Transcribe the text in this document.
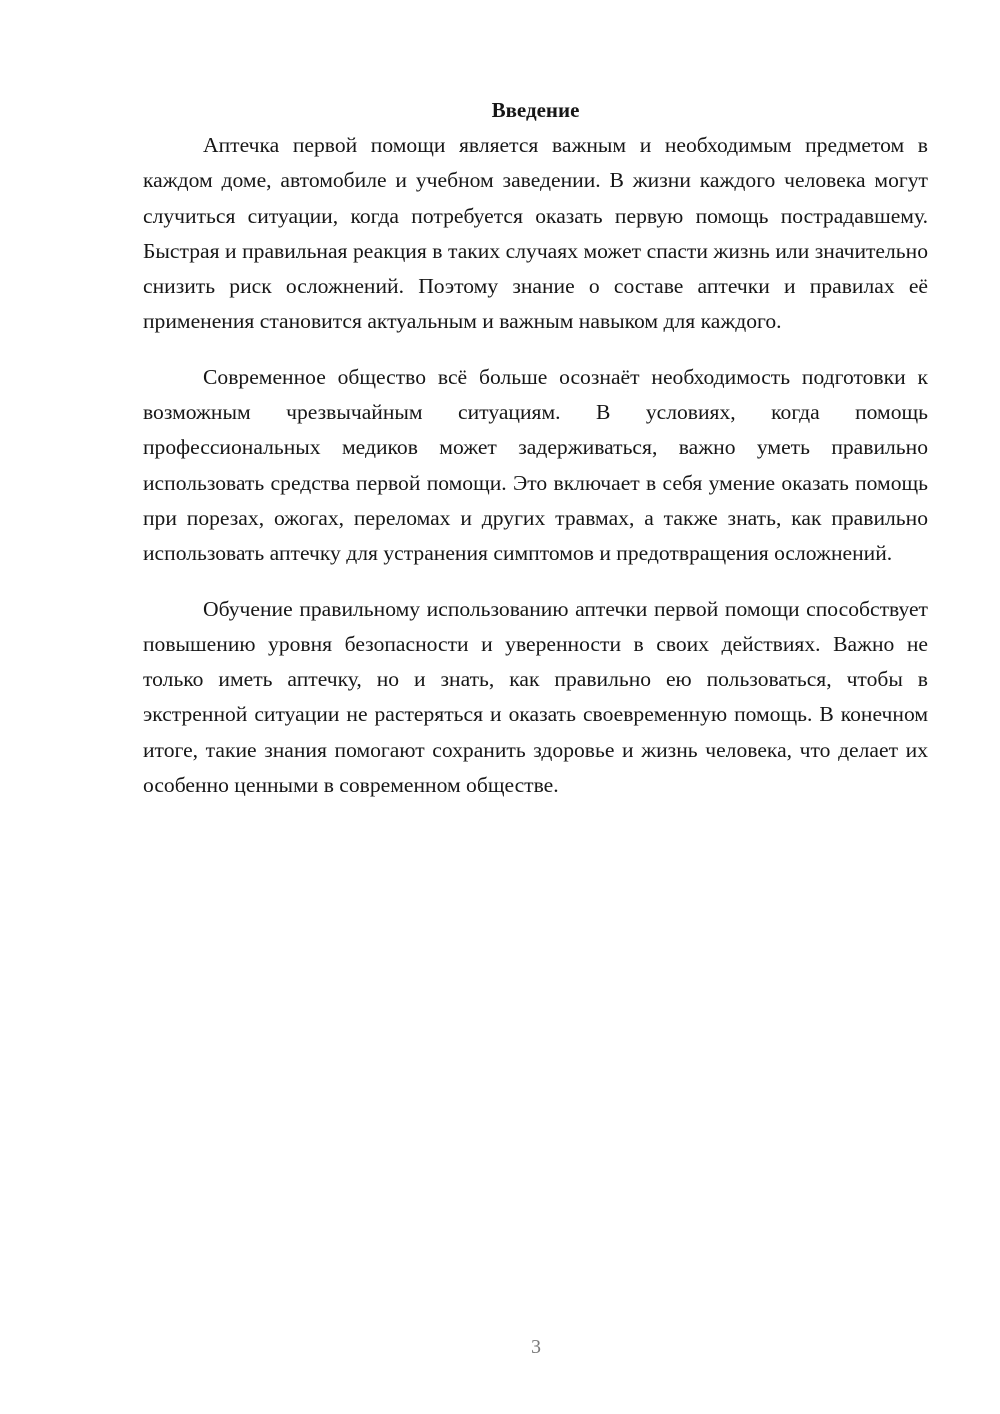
Введение

Аптечка первой помощи является важным и необходимым предметом в каждом доме, автомобиле и учебном заведении. В жизни каждого человека могут случиться ситуации, когда потребуется оказать первую помощь пострадавшему. Быстрая и правильная реакция в таких случаях может спасти жизнь или значительно снизить риск осложнений. Поэтому знание о составе аптечки и правилах её применения становится актуальным и важным навыком для каждого.

Современное общество всё больше осознаёт необходимость подготовки к возможным чрезвычайным ситуациям. В условиях, когда помощь профессиональных медиков может задерживаться, важно уметь правильно использовать средства первой помощи. Это включает в себя умение оказать помощь при порезах, ожогах, переломах и других травмах, а также знать, как правильно использовать аптечку для устранения симптомов и предотвращения осложнений.

Обучение правильному использованию аптечки первой помощи способствует повышению уровня безопасности и уверенности в своих действиях. Важно не только иметь аптечку, но и знать, как правильно ею пользоваться, чтобы в экстренной ситуации не растеряться и оказать своевременную помощь. В конечном итоге, такие знания помогают сохранить здоровье и жизнь человека, что делает их особенно ценными в современном обществе.

3
